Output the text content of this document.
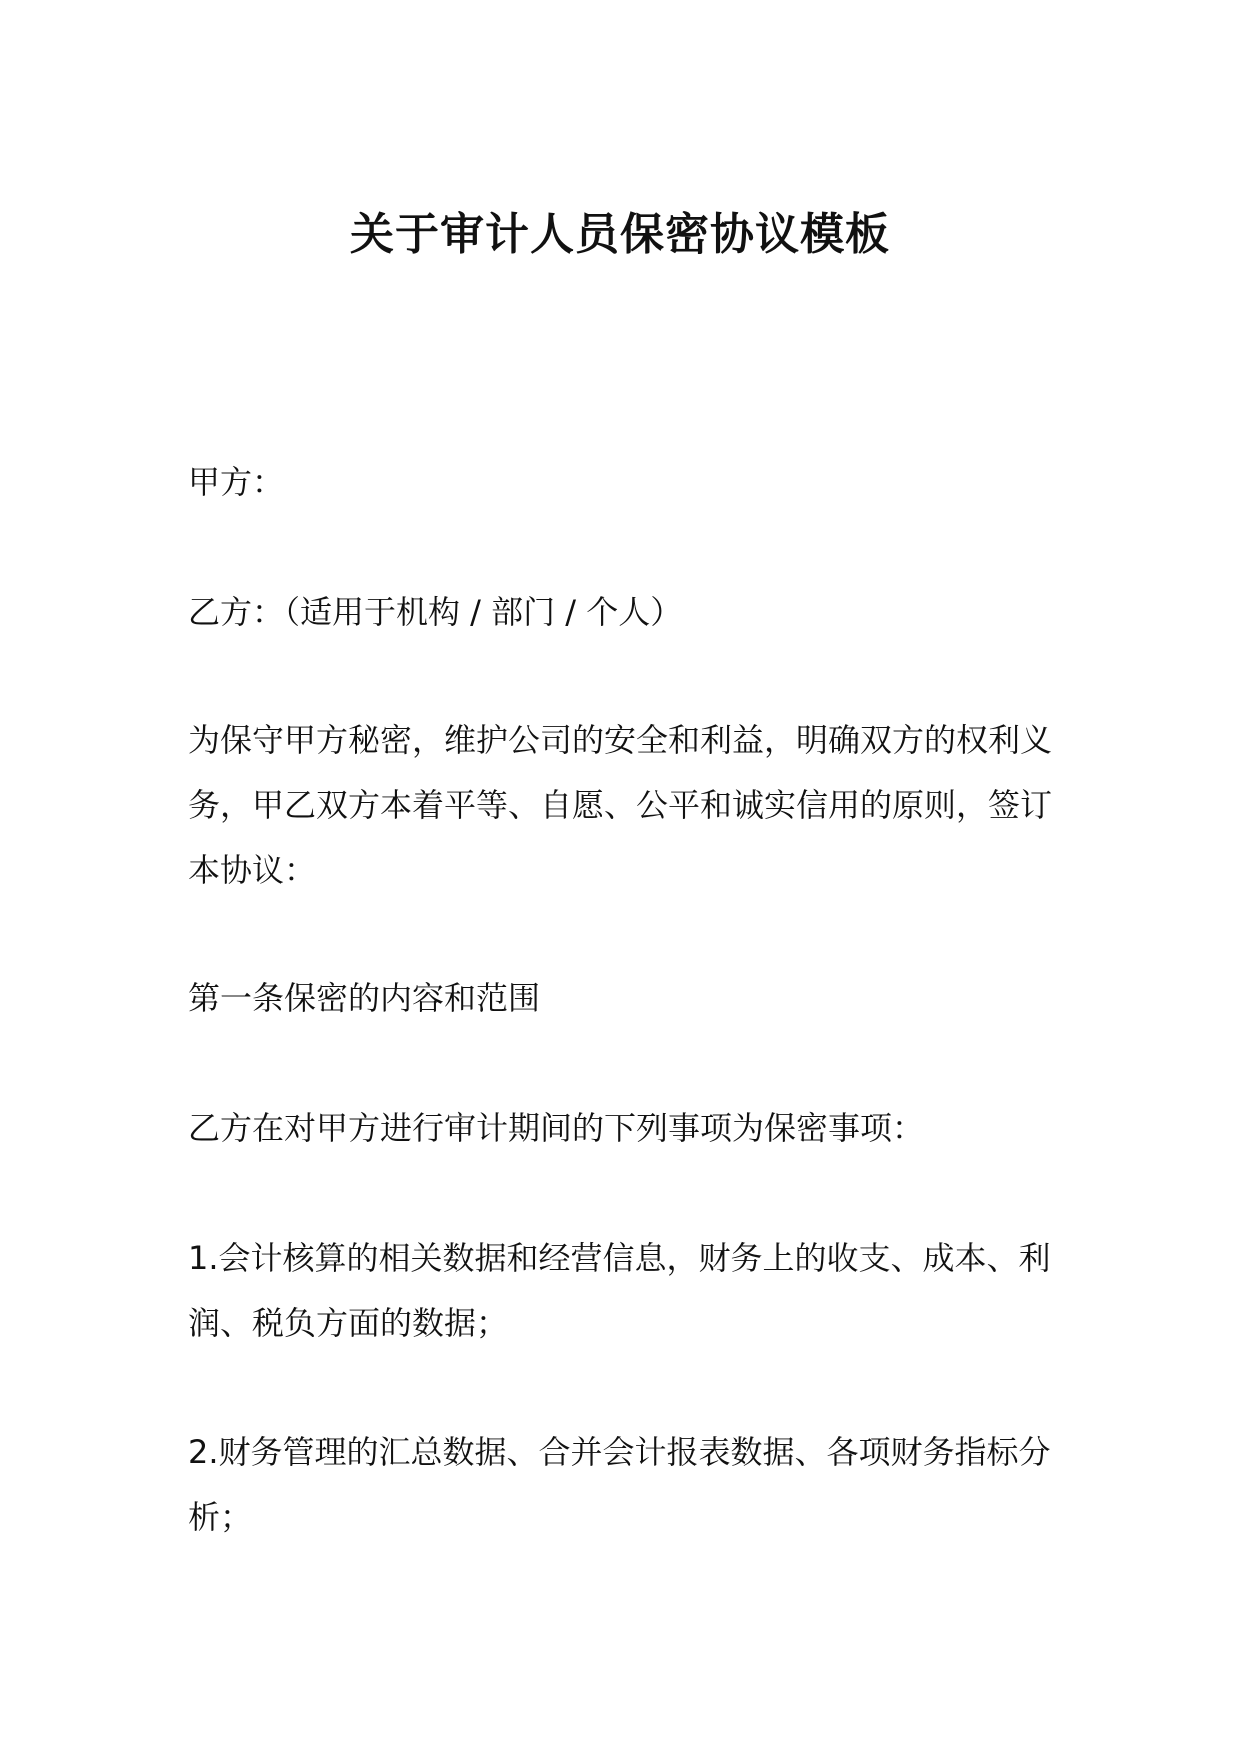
关于审计人员保密协议模板

甲方：

乙方：（适用于机构 / 部门 / 个人）

为保守甲方秘密，维护公司的安全和利益，明确双方的权利义务，甲乙双方本着平等、自愿、公平和诚实信用的原则，签订本协议：

第一条保密的内容和范围

乙方在对甲方进行审计期间的下列事项为保密事项：

1.会计核算的相关数据和经营信息，财务上的收支、成本、利润、税负方面的数据；

2.财务管理的汇总数据、合并会计报表数据、各项财务指标分析；
